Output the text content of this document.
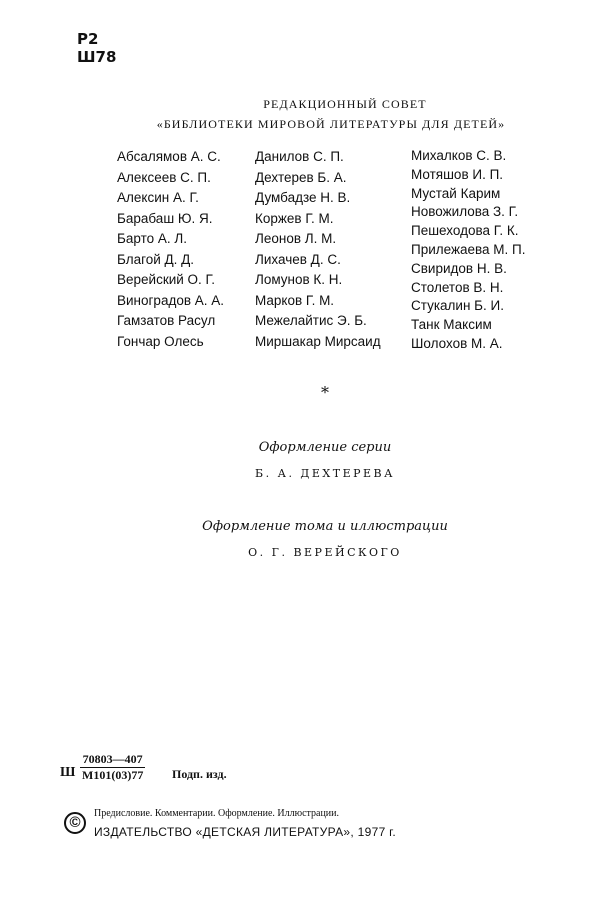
Р2
Ш78
РЕДАКЦИОННЫЙ СОВЕТ
«БИБЛИОТЕКИ МИРОВОЙ ЛИТЕРАТУРЫ ДЛЯ ДЕТЕЙ»
Абсалямов А. С.
Алексеев С. П.
Алексин А. Г.
Барабаш Ю. Я.
Барто А. Л.
Благой Д. Д.
Верейский О. Г.
Виноградов А. А.
Гамзатов Расул
Гончар Олесь
Данилов С. П.
Дехтерев Б. А.
Думбадзе Н. В.
Коржев Г. М.
Леонов Л. М.
Лихачев Д. С.
Ломунов К. Н.
Марков Г. М.
Межелайтис Э. Б.
Миршакар Мирсаид
Михалков С. В.
Мотяшов И. П.
Мустай Карим
Новожилова З. Г.
Пешеходова Г. К.
Прилежаева М. П.
Свиридов Н. В.
Столетов В. Н.
Стукалин Б. И.
Танк Максим
Шолохов М. А.
*
Оформление серии
Б. А. ДЕХТЕРЕВА
Оформление тома и иллюстрации
О. Г. ВЕРЕЙСКОГО
Ш
70803—407
М101(03)77 Подп. изд.
©
Предисловие. Комментарии. Оформление. Иллюстрации.
ИЗДАТЕЛЬСТВО «ДЕТСКАЯ ЛИТЕРАТУРА», 1977 г.
